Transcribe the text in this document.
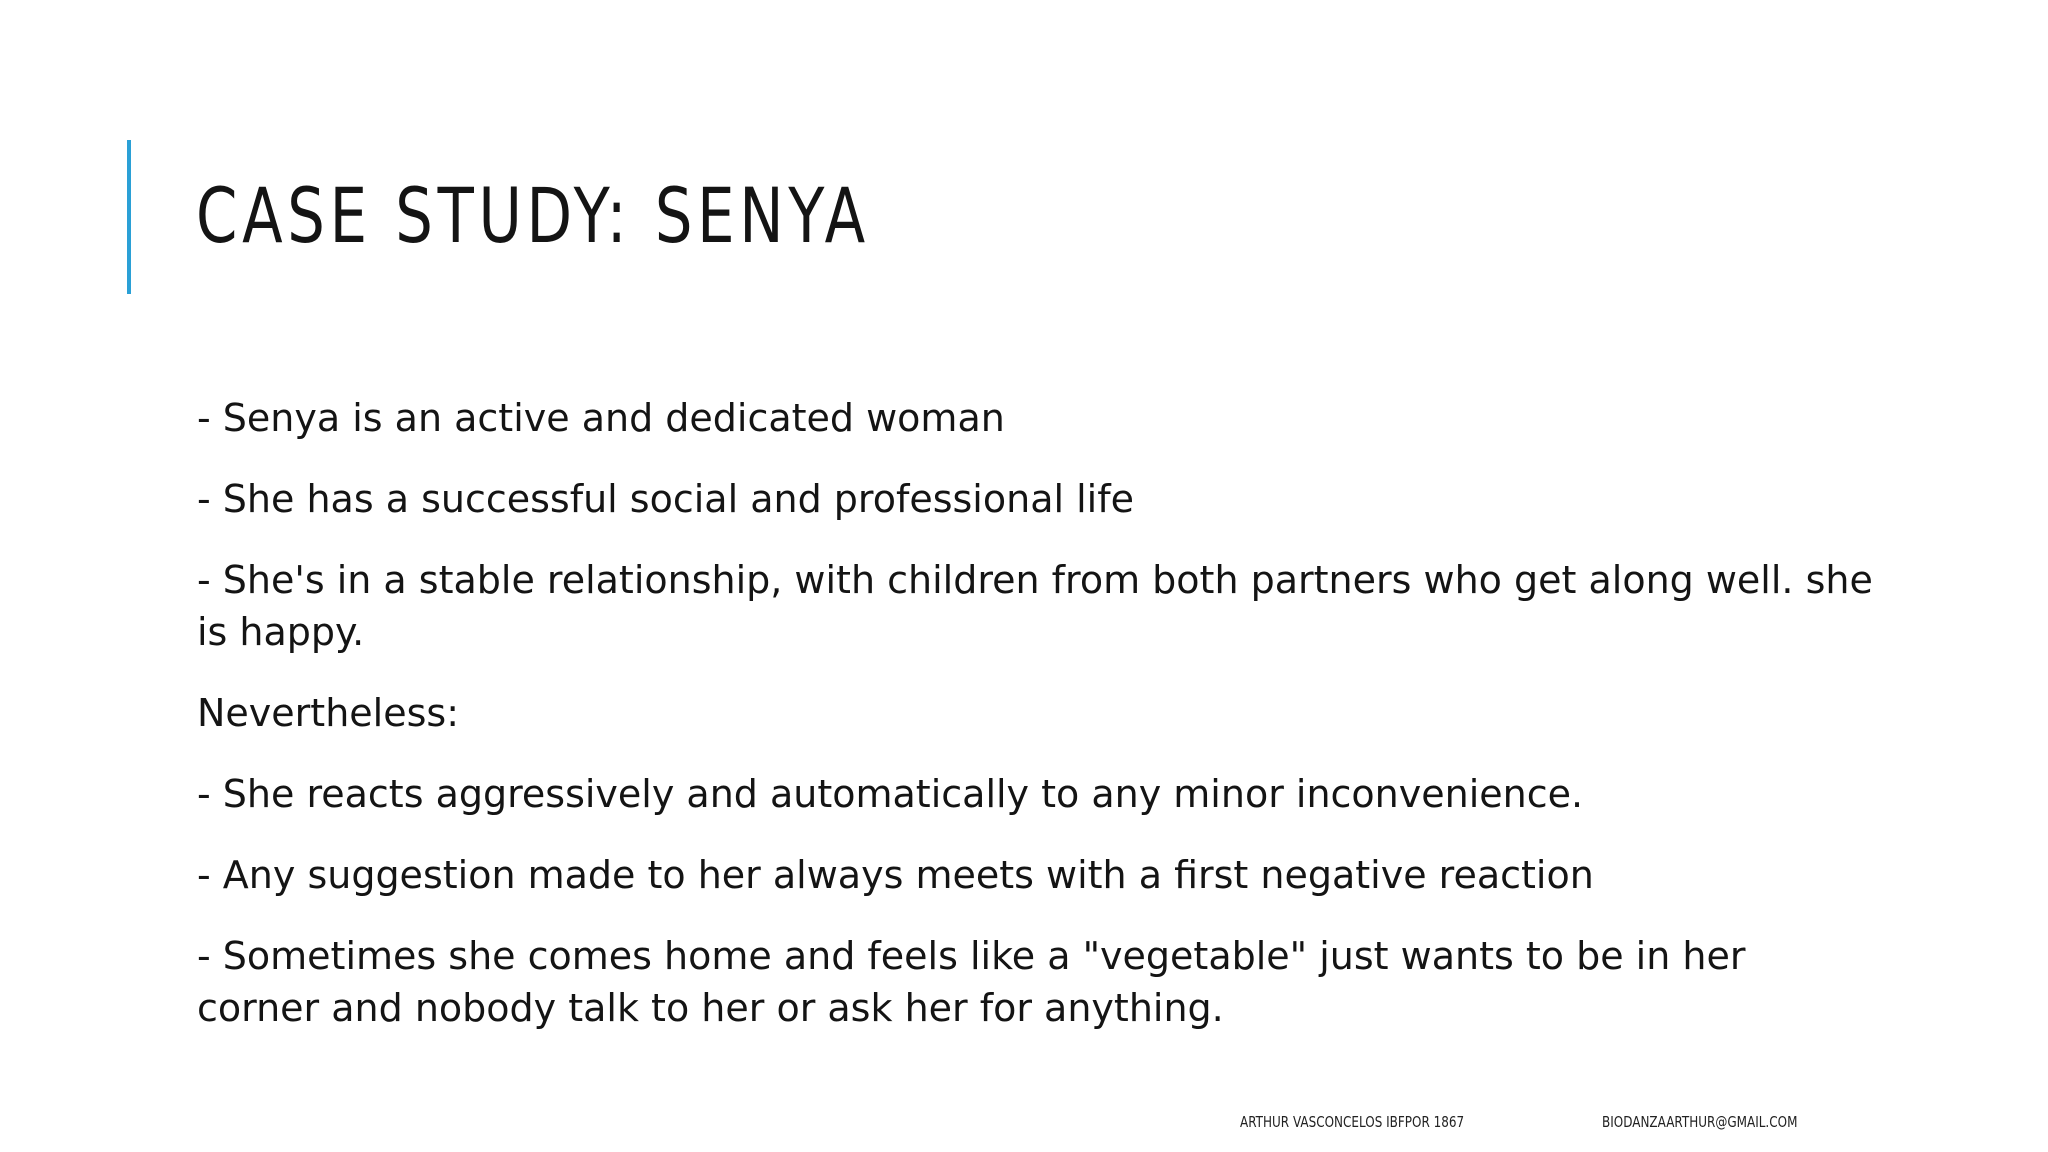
CASE STUDY: SENYA

- Senya is an active and dedicated woman

- She has a successful social and professional life

- She's in a stable relationship, with children from both partners who get along well. she is happy.

Nevertheless:

- She reacts aggressively and automatically to any minor inconvenience.

- Any suggestion made to her always meets with a first negative reaction

- Sometimes she comes home and feels like a "vegetable" just wants to be in her corner and nobody talk to her or ask her for anything.

ARTHUR VASCONCELOS IBFPOR 1867	BIODANZAARTHUR@GMAIL.COM
